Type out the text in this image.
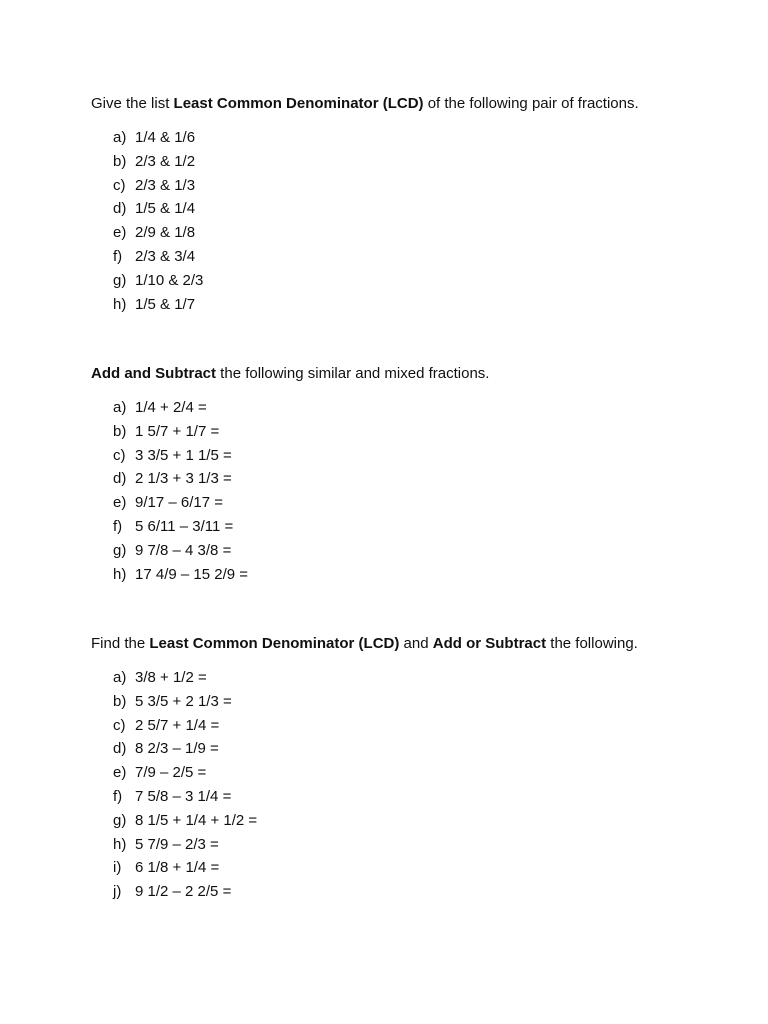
Give the list Least Common Denominator (LCD) of the following pair of fractions.

a) 1/4 & 1/6
b) 2/3 & 1/2
c) 2/3 & 1/3
d) 1/5 & 1/4
e) 2/9 & 1/8
f) 2/3 & 3/4
g) 1/10 & 2/3
h) 1/5 & 1/7

Add and Subtract the following similar and mixed fractions.

a) 1/4 + 2/4 =
b) 1 5/7 + 1/7 =
c) 3 3/5 + 1 1/5 =
d) 2 1/3 + 3 1/3 =
e) 9/17 – 6/17 =
f) 5 6/11 – 3/11 =
g) 9 7/8 – 4 3/8 =
h) 17 4/9 – 15 2/9 =

Find the Least Common Denominator (LCD) and Add or Subtract the following.

a) 3/8 + 1/2 =
b) 5 3/5 + 2 1/3 =
c) 2 5/7 + 1/4 =
d) 8 2/3 – 1/9 =
e) 7/9 – 2/5 =
f) 7 5/8 – 3 1/4 =
g) 8 1/5 + 1/4 + 1/2 =
h) 5 7/9 – 2/3 =
i) 6 1/8 + 1/4 =
j) 9 1/2 – 2 2/5 =
